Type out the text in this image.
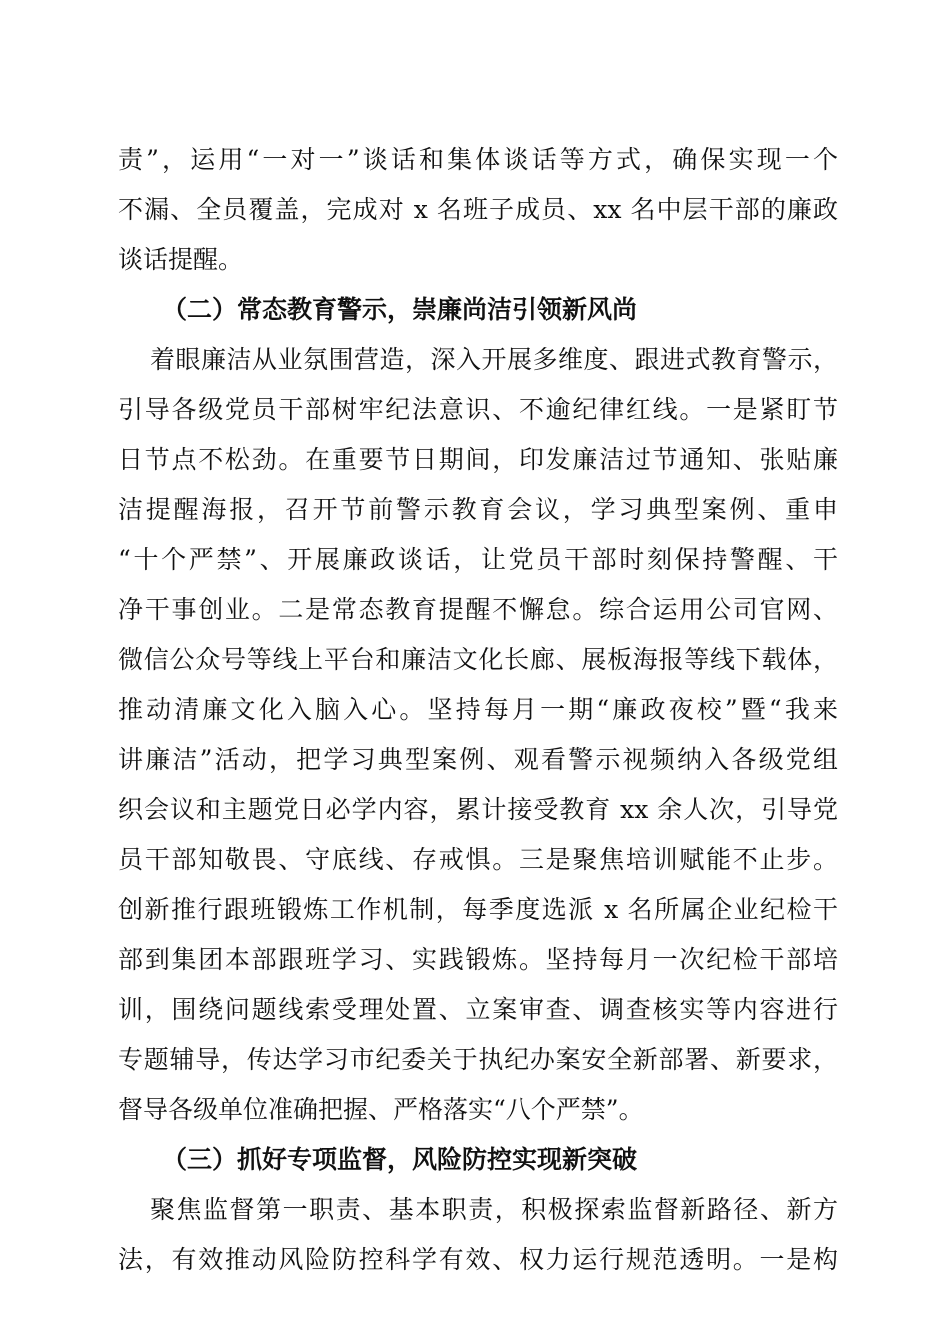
责”，运用“一对一”谈话和集体谈话等方式，确保实现一个
不漏、全员覆盖，完成对 x 名班子成员、xx 名中层干部的廉政
谈话提醒。
（二）常态教育警示，崇廉尚洁引领新风尚
着眼廉洁从业氛围营造，深入开展多维度、跟进式教育警示，
引导各级党员干部树牢纪法意识、不逾纪律红线。一是紧盯节
日节点不松劲。在重要节日期间，印发廉洁过节通知、张贴廉
洁提醒海报，召开节前警示教育会议，学习典型案例、重申
“十个严禁”、开展廉政谈话，让党员干部时刻保持警醒、干
净干事创业。二是常态教育提醒不懈怠。综合运用公司官网、
微信公众号等线上平台和廉洁文化长廊、展板海报等线下载体，
推动清廉文化入脑入心。坚持每月一期“廉政夜校”暨“我来
讲廉洁”活动，把学习典型案例、观看警示视频纳入各级党组
织会议和主题党日必学内容，累计接受教育 xx 余人次，引导党
员干部知敬畏、守底线、存戒惧。三是聚焦培训赋能不止步。
创新推行跟班锻炼工作机制，每季度选派 x 名所属企业纪检干
部到集团本部跟班学习、实践锻炼。坚持每月一次纪检干部培
训，围绕问题线索受理处置、立案审查、调查核实等内容进行
专题辅导，传达学习市纪委关于执纪办案安全新部署、新要求，
督导各级单位准确把握、严格落实“八个严禁”。
（三）抓好专项监督，风险防控实现新突破
聚焦监督第一职责、基本职责，积极探索监督新路径、新方
法，有效推动风险防控科学有效、权力运行规范透明。一是构
